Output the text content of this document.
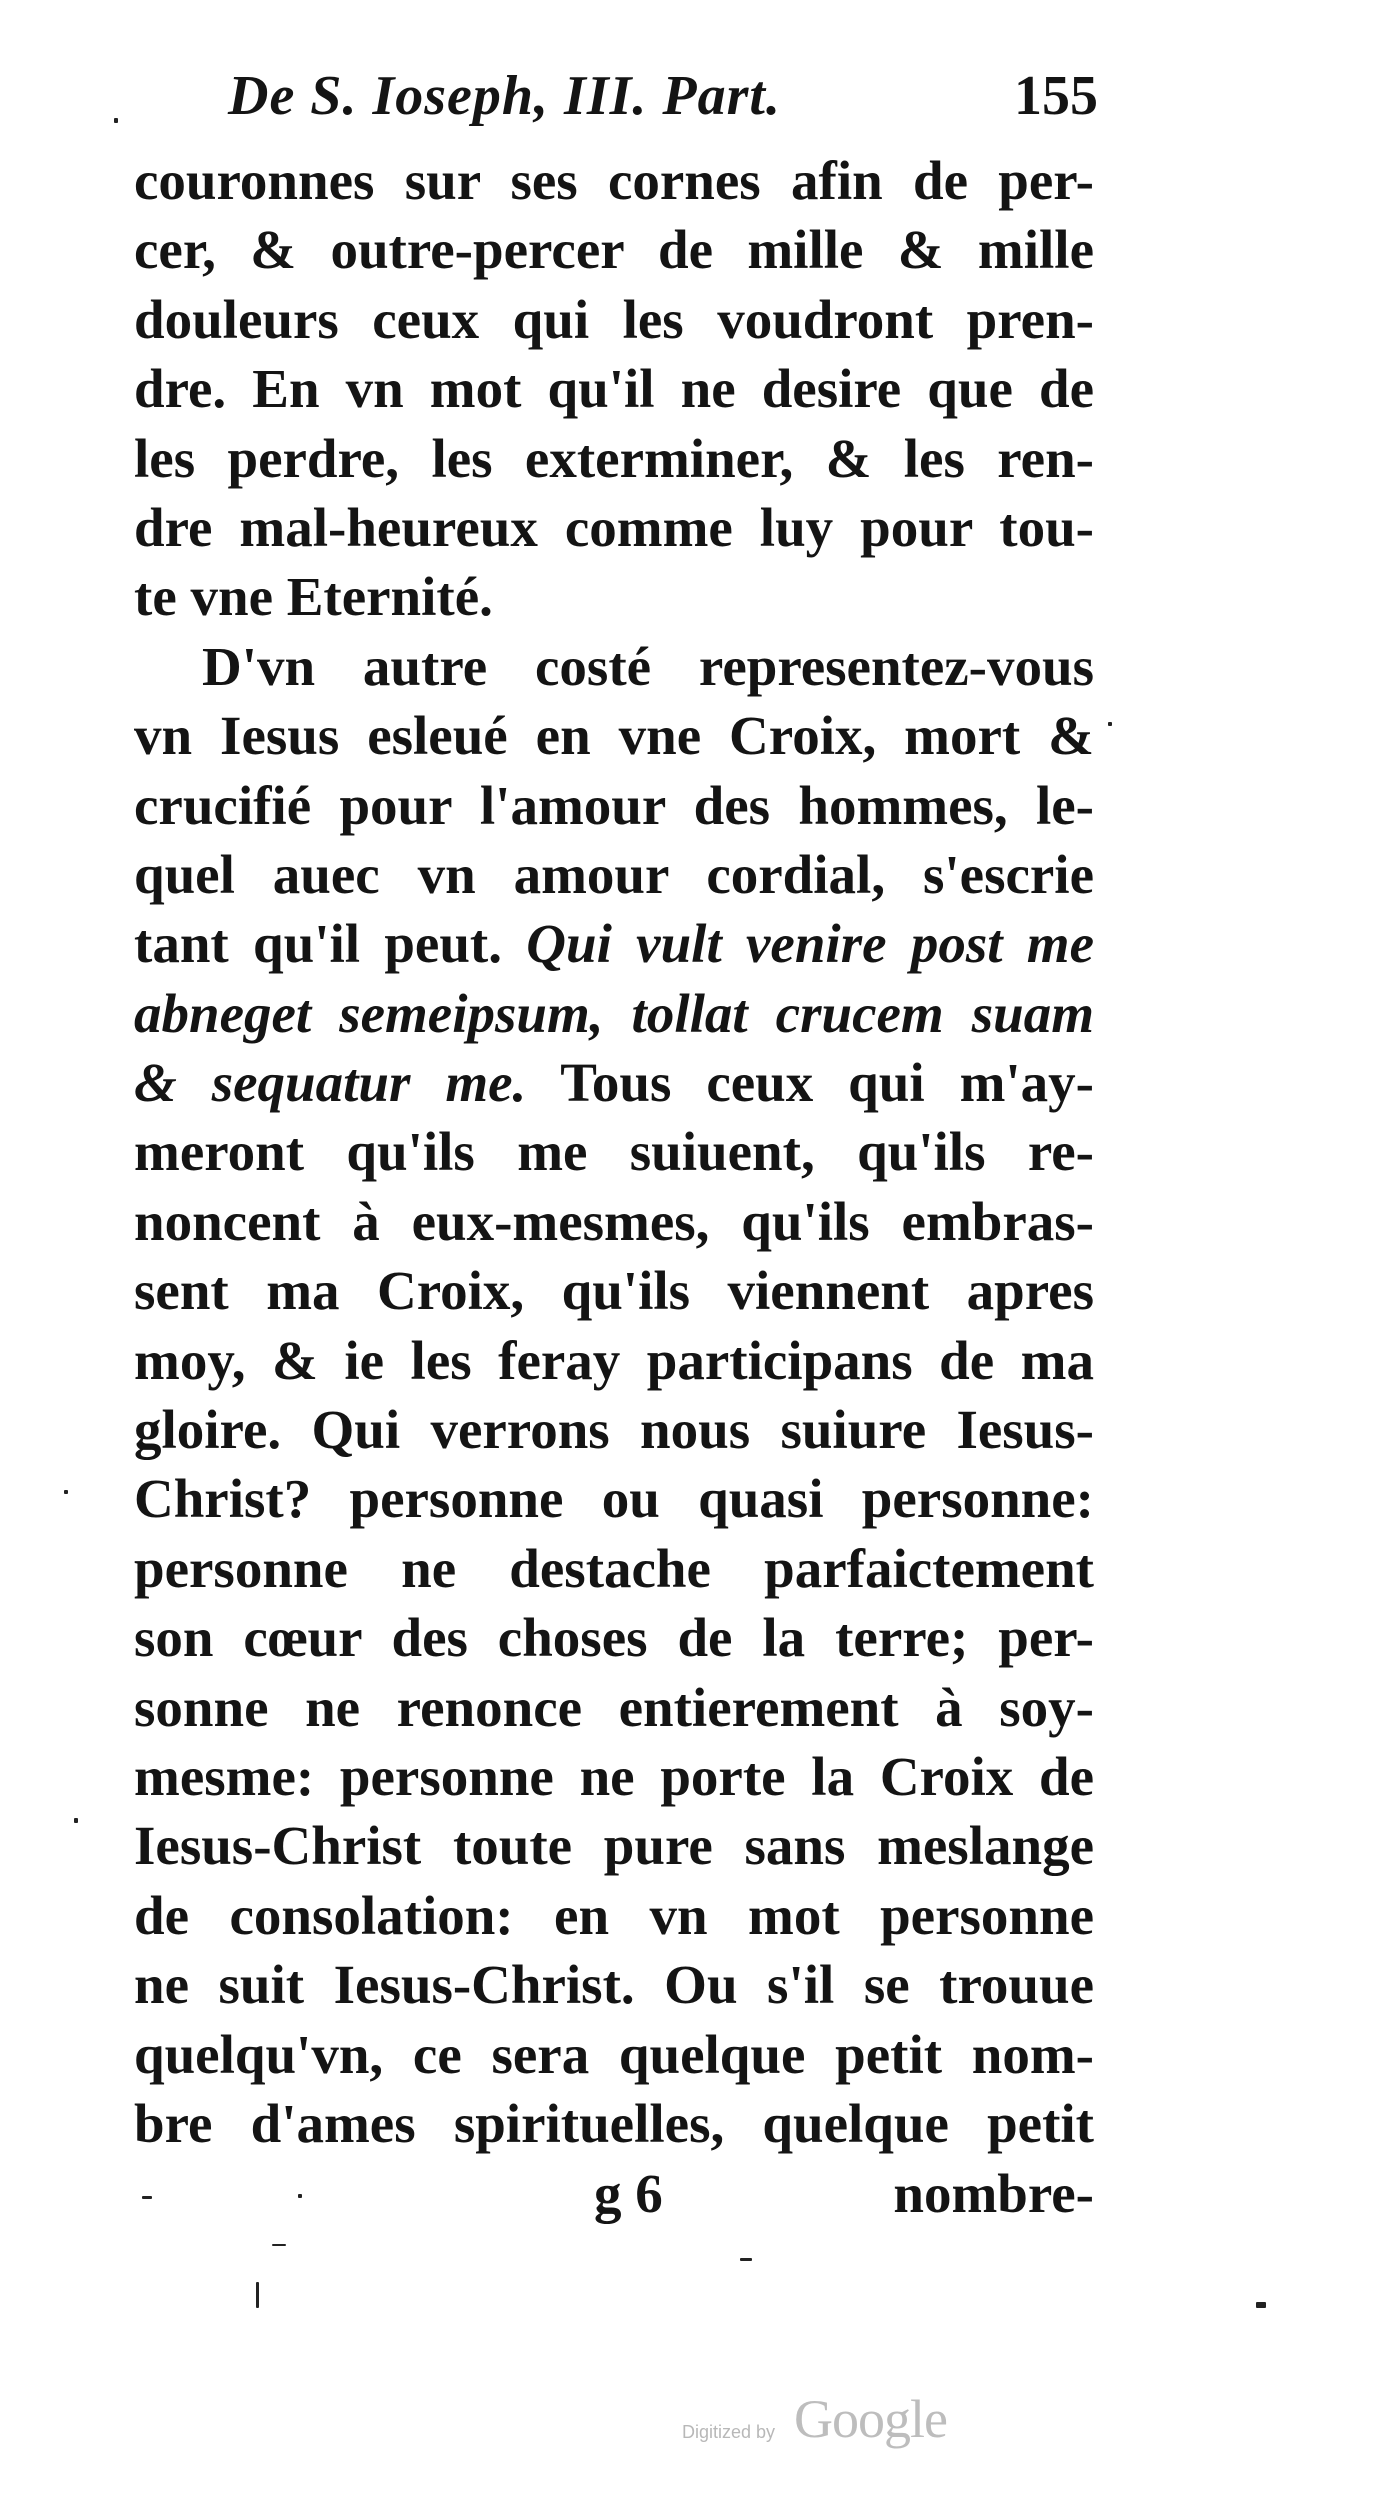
De S. Ioseph, III. Part.	155
couronnes sur ses cornes afin de per-
cer, & outre-percer de mille & mille
douleurs ceux qui les voudront pren-
dre. En vn mot qu'il ne desire que de
les perdre, les exterminer, & les ren-
dre mal-heureux comme luy pour tou-
te vne Eternité.
D'vn autre costé representez-vous
vn Iesus esleué en vne Croix, mort &
crucifié pour l'amour des hommes, le-
quel auec vn amour cordial, s'escrie
tant qu'il peut. Qui vult venire post me
abneget semeipsum, tollat crucem suam
& sequatur me. Tous ceux qui m'ay-
meront qu'ils me suiuent, qu'ils re-
noncent à eux-mesmes, qu'ils embras-
sent ma Croix, qu'ils viennent apres
moy, & ie les feray participans de ma
gloire. Qui verrons nous suiure Iesus-
Christ? personne ou quasi personne:
personne ne destache parfaictement
son cœur des choses de la terre; per-
sonne ne renonce entierement à soy-
mesme: personne ne porte la Croix de
Iesus-Christ toute pure sans meslange
de consolation: en vn mot personne
ne suit Iesus-Christ. Ou s'il se trouue
quelqu'vn, ce sera quelque petit nom-
bre d'ames spirituelles, quelque petit
g 6	nombre-
Digitized by Google
